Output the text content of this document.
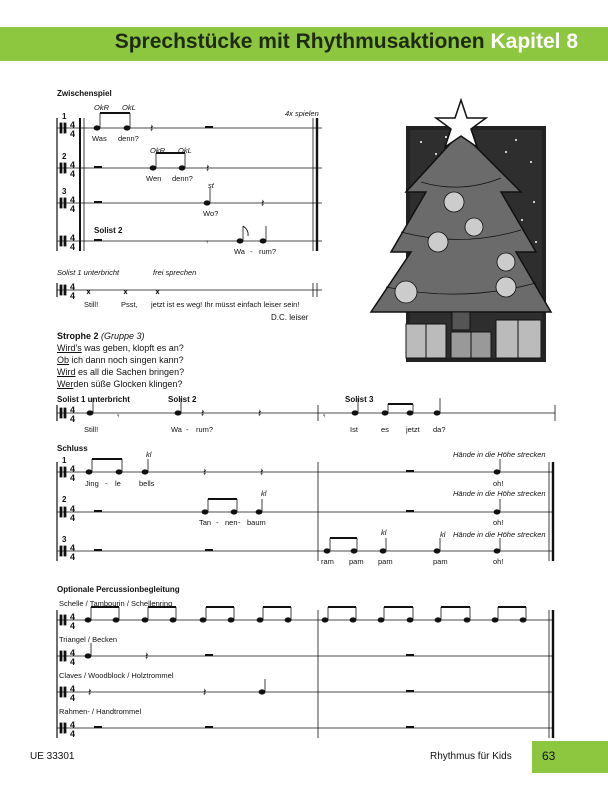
Sprechstücke mit Rhythmusaktionen Kapitel 8
Zwischenspiel
4x spielen
OkR OkL
OkR OkL
st
1
2
3
Was denn?
Wen denn?
Wo?
Solist 2
Wa - rum?
Solist 1 unterbricht	frei sprechen
Still!	Psst, jetzt ist es weg! Ihr müsst einfach leiser sein!
D.C. leiser
Strophe 2 (Gruppe 3)
Wird's was geben, klopft es an?
Ob ich dann noch singen kann?
Wird es all die Sachen bringen?
Werden süße Glocken klingen?
Solist 1 unterbricht	Solist 2	Solist 3
Still!	Wa - rum?	Ist	es jetzt da?
Schluss
kl	Hände in die Höhe strecken
1
Jing - le bells	oh!
kl	Hände in die Höhe strecken
2
Tan - nen - baum	oh!
kl	kl Hände in die Höhe strecken
3
ram pam pam	pam	oh!
Optionale Percussionbegleitung
Schelle / Tambourin / Schellenring
Triangel / Becken
Claves / Woodblock / Holztrommel
Rahmen- / Handtrommel
4
4
4
4
4
4
4
4
4
4
4
4
4
4
4
4
4
4
4
4
4
4
4
4
4
4
𝄽
𝄽
𝄽
𝄾
𝄾	𝄽	𝄽	𝄾
𝄽	𝄽
𝄽
𝄽	𝄽
UE 33301	Rhythmus für Kids	63
